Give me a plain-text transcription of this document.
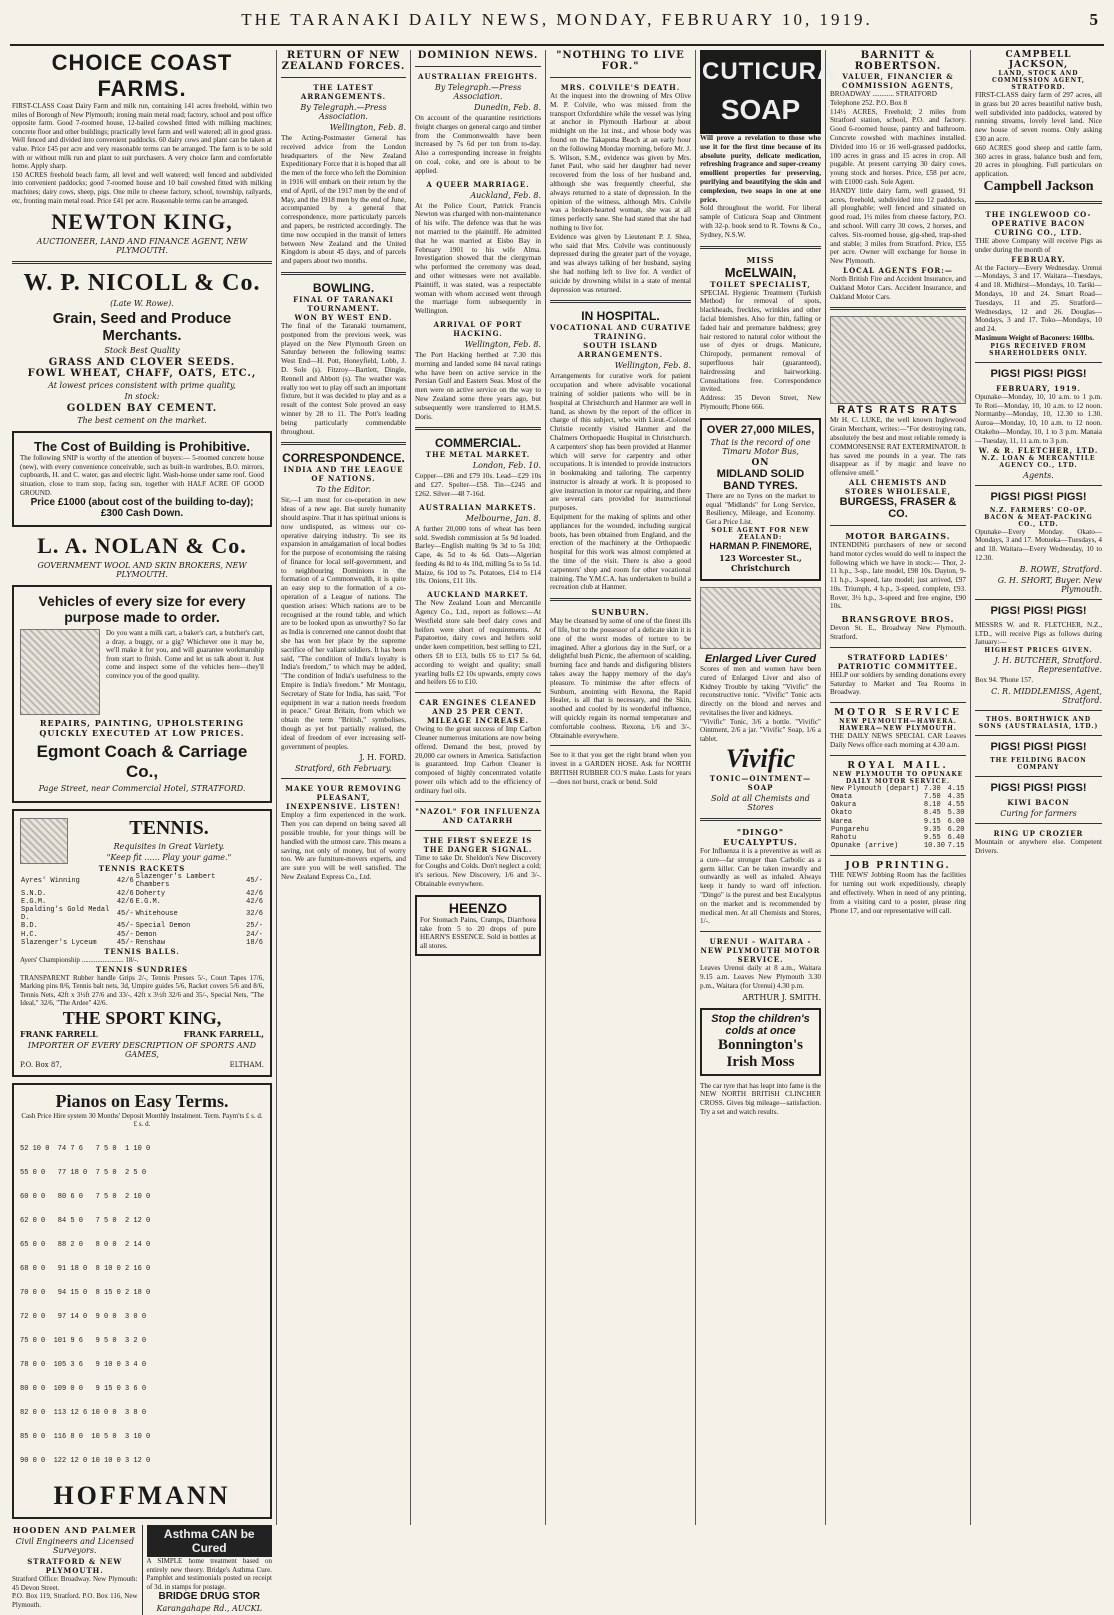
THE TARANAKI DAILY NEWS, MONDAY, FEBRUARY 10, 1919.	5
CHOICE COAST FARMS.
FIRST-CLASS Coast Dairy Farm and milk run, containing 141 acres freehold, within two miles of Borough of New Plymouth; ironing main metal road; factory, school and post office opposite farm. Good 7-roomed house, 12-bailed cowshed fitted with milking machines; concrete floor and other buildings; practically level farm and well watered; all in good grass. Well fenced and divided into convenient paddocks. 60 dairy cows and plant can be taken at value. Price £45 per acre and very reasonable terms can be arranged. The farm is to be sold with or without milk run and plant to suit purchasers. A very choice farm and comfortable home. Apply sharp.
150 ACRES freehold beach farm, all level and well watered; well fenced and subdivided into convenient paddocks; good 7-roomed house and 10 bail cowshed fitted with milking machines; dairy cows, sheep, pigs. One mile to cheese factory, school, township, railyards, etc, fronting main metal road. Price £41 per acre. Reasonable terms can be arranged.
NEWTON KING,
AUCTIONEER, LAND AND FINANCE AGENT, NEW PLYMOUTH.
W. P. NICOLL & Co.
(Late W. Rowe).
Grain, Seed and Produce Merchants.
Stock Best Quality
GRASS AND CLOVER SEEDS.
FOWL WHEAT, CHAFF, OATS, ETC.,
At lowest prices consistent with prime quality,
In stock:
GOLDEN BAY CEMENT.
The best cement on the market.
The Cost of Building is Prohibitive.
The following SNIP is worthy of the attention of buyers:— 5-roomed concrete house (new), with every convenience conceivable, such as built-in wardrobes, B.O. mirrors, cupboards, H. and C. water, gas and electric light. Wash-house under same roof. Good situation, close to tram stop, facing sun, together with HALF ACRE OF GOOD GROUND.
Price £1000 (about cost of the building to-day); £300 Cash Down.
L. A. NOLAN & Co.
GOVERNMENT WOOL AND SKIN BROKERS, NEW PLYMOUTH.
Vehicles of every size for every purpose made to order.
Do you want a milk cart, a baker's cart, a butcher's cart, a dray, a buggy, or a gig? Whichever one it may be, we'll make it for you, and will guarantee workmanship from start to finish. Come and let us talk about it. Just come and inspect some of the vehicles here—they'll convince you of the good quality.
REPAIRS, PAINTING, UPHOLSTERING QUICKLY EXECUTED AT LOW PRICES.
Egmont Coach & Carriage Co.,
Page Street, near Commercial Hotel, STRATFORD.
TENNIS.
Requisites in Great Variety.
"Keep fit ...... Play your game."
TENNIS RACKETS
Ayres' Winning	42/6	Slazenger's Lambert Chambers	45/-
S.N.D.	42/6	Doherty	42/6
E.G.M.	42/6	E.G.M.	42/6
Spalding's Gold Medal D.	45/-	Whitehouse	32/6
B.D.	45/-	Special Demon	25/-
H.C.	45/-	Demon	24/-
Slazenger's Lyceum	45/-	Renshaw	18/6
TENNIS BALLS.
Ayers' Championship ........................ 18/-.
TENNIS SUNDRIES
TRANSPARENT Rubber handle Grips 2/-, Tennis Presses 5/-, Court Tapes 17/6, Marking pins 8/6, Tennis balt nets, 3d, Umpire guides 5/6, Racket covers 5/6 and 8/6, Tennis Nets, 42ft x 3½ft 27/6 and 33/-, 42ft x 3½ft 32/6 and 35/-, Special Nets, "The Ideal," 32/6, "The Ardee" 42/6.
THE SPORT KING,
FRANK FARRELL	FRANK FARRELL,
IMPORTER OF EVERY DESCRIPTION OF SPORTS AND GAMES,
P.O. Box 87,	ELTHAM.
Pianos on Easy Terms.
Cash Price Hire system 30 Months' Deposit Monthly Instalment. Term. Paym'ts £ s. d. £ s. d.

52 10 0  74 7 6   7 5 0  1 10 0

55 0 0   77 18 0  7 5 0  2 5 0

60 0 0   80 6 0   7 5 0  2 10 0

62 0 0   84 5 0   7 5 0  2 12 0

65 0 0   88 2 0   8 0 0  2 14 0

68 0 0   91 18 0  8 10 0 2 16 0

70 0 0   94 15 0  8 15 0 2 18 0

72 0 0   97 14 0  9 0 0  3 0 0

75 0 0  101 9 6   9 5 0  3 2 0

78 0 0  105 3 6   9 10 0 3 4 0

80 0 0  109 0 0   9 15 0 3 6 0

82 0 0  113 12 6 10 0 0  3 8 0

85 0 0  116 8 0  10 5 0  3 10 0

90 0 0  122 12 0 10 10 0 3 12 0

HOFFMANN
HOODEN AND PALMER
Civil Engineers and Licensed Surveyors.
STRATFORD & NEW PLYMOUTH.
Stratford Office: Broadway. New Plymouth: 45 Devon Street.
P.O. Box 119, Stratford. P.O. Box 116, New Plymouth.
Asthma CAN be Cured
A SIMPLE home treatment based on entirely new theory. Bridge's Asthma Cure. Pamphlet and testimonials posted on receipt of 3d. in stamps for postage.
BRIDGE DRUG STOR
Karangahape Rd., AUCKL
RETURN OF NEW ZEALAND FORCES.
THE LATEST ARRANGEMENTS.
By Telegraph.—Press Association.
Wellington, Feb. 8.
The Acting-Postmaster General has received advice from the London headquarters of the New Zealand Expeditionary Force that it is hoped that all the men of the force who left the Dominion in 1916 will embark on their return by the end of April, of the 1917 men by the end of May, and the 1918 men by the end of June, accompanied by a general that correspondence, more particularly parcels and papers, be restricted accordingly. The time now occupied in the transit of letters between New Zealand and the United Kingdom is about 45 days, and of parcels and papers about two months.
BOWLING.
FINAL OF TARANAKI TOURNAMENT.
WON BY WEST END.
The final of the Taranaki tournament, postponed from the previous week, was played on the New Plymouth Green on Saturday between the following teams: West End—H. Pott, Honeyfield, Lobb, J. D. Sole (s). Fitzroy—Bartlett, Dingle, Rennell and Abbott (s). The weather was really too wet to play off such an important fixture, but it was decided to play and as a result of the contest Sole proved an easy winner by 28 to 11. The Pott's leading being particularly commendable throughout.
CORRESPONDENCE.
INDIA AND THE LEAGUE OF NATIONS.
To the Editor.
Sir,—I am most for co-operation in new ideas of a new age. But surely humanity should aspire. That it has spiritual unions is now undisputed, as witness our co-operative dairying industry. To see its expansion in amalgamation of local bodies for the purpose of economising the raising of finance for local self-government, and to neighbouring Dominions in the formation of a Commonwealth, it is quite an easy step to the formation of a co-operation of a League of nations. The question arises: Which nations are to be recognised at the round table, and which are to be looked upon as unworthy? So far as India is concerned one cannot doubt that she has won her place by the supreme sacrifice of her valiant soldiers. It has been said, "The condition of India's loyalty is India's freedom," to which may be added, "The condition of India's usefulness to the Empire is India's freedom." Mr Montagu, Secretary of State for India, has said, "For equipment in war a nation needs freedom in peace." Great Britain, from which we obtain the term "British," symbolises, though as yet but partially realised, the ideal of freedom of ever increasing self-government of peoples.
J. H. FORD.
Stratford, 6th February.
MAKE YOUR REMOVING PLEASANT, INEXPENSIVE. LISTEN!
Employ a firm experienced in the work. Then you can depend on being saved all possible trouble, for your things will be handled with the utmost care. This means a saving, not only of money, but of worry too. We are furniture-movers experts, and are sure you will be well satisfied. The New Zealand Express Co., Ltd.
DOMINION NEWS.
AUSTRALIAN FREIGHTS.
By Telegraph.—Press Association.
Dunedin, Feb. 8.
On account of the quarantine restrictions freight charges on general cargo and timber from the Commonwealth have been increased by 7s 6d per ton from to-day. Also a corresponding increase in freights on coal, coke, and ore is about to be applied.
A QUEER MARRIAGE.
Auckland, Feb. 8.
At the Police Court, Patrick Francis Newton was charged with non-maintenance of his wife. The defence was that he was not married to the plaintiff. He admitted that he was married at Eisbo Bay in February 1901 to his wife Alma. Investigation showed that the clergyman who performed the ceremony was dead, and other witnesses were not available. Plaintiff, it was stated, was a respectable woman with whom accused went through the marriage form subsequently in Wellington.
ARRIVAL OF PORT HACKING.
Wellington, Feb. 8.
The Port Hacking berthed at 7.30 this morning and landed some 84 naval ratings who have been on active service in the Persian Gulf and Eastern Seas. Most of the men were on active service on the way to New Zealand some three years ago, but subsequently were transferred to H.M.S. Doris.
COMMERCIAL.
THE METAL MARKET.
London, Feb. 10.
Copper—£86 and £79 10s. Lead—£29 10s and £27. Spelter—£58. Tin—£245 and £262. Silver—48 7-16d.
AUSTRALIAN MARKETS.
Melbourne, Jan. 8.
A further 20,000 tons of wheat has been sold. Swedish commission at 5s 9d loaded. Barley—English malting 9s 3d to 5s 10d; Cape, 4s 5d to 4s 6d. Oats—Algerian feeding 4s 8d to 4s 10d, milling 5s to 5s 1d. Maize, 6s 10d to 7s. Potatoes, £14 to £14 10s. Onions, £11 10s.
AUCKLAND MARKET.
The New Zealand Loan and Mercantile Agency Co., Ltd., report as follows:—At Westfield store sale beef dairy cows and heifers were short of requirements. At Papatoetoe, dairy cows and heifers sold under keen competition, best selling to £21, others £8 to £13, bulls £6 to £17 5s 6d, according to weight and quality; small yearling bulls £2 10s upwards, empty cows and heifers £6 to £10.
CAR ENGINES CLEANED AND 25 PER CENT. MILEAGE INCREASE.
Owing to the great success of Imp Carbon Cleaner numerous imitations are now being offered. Demand the best, proved by 20,000 car owners in America. Satisfaction is guaranteed. Imp Carbon Cleaner is composed of highly concentrated volatile power oils which add to the efficiency of ordinary fuel oils.
"NAZOL" FOR INFLUENZA AND CATARRH
THE FIRST SNEEZE IS THE DANGER SIGNAL.
Time to take Dr. Sheldon's New Discovery for Coughs and Colds. Don't neglect a cold; it's serious. New Discovery, 1/6 and 3/-. Obtainable everywhere.
HEENZO
For Stomach Pains, Cramps, Diarrhoea take from 5 to 20 drops of pure HEARN'S ESSENCE. Sold in bottles at all stores.
"NOTHING TO LIVE FOR."
MRS. COLVILE'S DEATH.
At the inquest into the drowning of Mrs Olive M. P. Colvile, who was missed from the transport Oxfordshire while the vessel was lying at anchor in Plymouth Harbour at about midnight on the 1st inst., and whose body was found on the Takapuna Beach at an early hour on the following Monday morning, before Mr. J. S. Wilson, S.M., evidence was given by Mrs. Janet Paul, who said her daughter had never recovered from the loss of her husband and, although she was frequently cheerful, she always returned to a state of depression. In the opinion of the witness, although Mrs. Colvile was a broken-hearted woman, she was at all times perfectly sane. She had stated that she had nothing to live for.
Evidence was given by Lieutenant P. J. Shea, who said that Mrs. Colvile was continuously depressed during the greater part of the voyage, and was always talking of her husband, saying she had nothing left to live for. A verdict of suicide by drowning whilst in a state of mental depression was returned.
IN HOSPITAL.
VOCATIONAL AND CURATIVE TRAINING.
SOUTH ISLAND ARRANGEMENTS.
Wellington, Feb. 8.
Arrangements for curative work for patient occupation and where advisable vocational training of soldier patients who will be in hospital at Christchurch and Hanmer are well in hand, as shown by the report of the officer in charge of this subject, who with Lieut.-Colonel Christie recently visited Hanmer and the Chalmers Orthopaedic Hospital in Christchurch. A carpenters' shop has been provided at Hanmer which will serve for carpentry and other occupations. It is intended to provide instructors in bookmaking and tailoring. The carpentry instructor is already at work. It is proposed to give instruction in motor car repairing, and there are several cars provided for instructional purposes.
Equipment for the making of splints and other appliances for the wounded, including surgical boots, has been obtained from England, and the erection of the machinery at the Orthopaedic hospital for this work was almost completed at the time of the visit. There is also a good carpenters' shop and room for other vocational training. The Y.M.C.A. has undertaken to build a recreation club at Hanmer.
SUNBURN.
May be cleansed by some of one of the finest ills of life, but to the possessor of a delicate skin it is one of the worst modes of torture to be imagined. After a glorious day in the Surf, or a delightful bush Picnic, the afternoon of scalding, burning face and hands and disfiguring blisters takes away the happy memory of the day's pleasure. To minimise the after effects of Sunburn, anointing with Rexona, the Rapid Healer, is all that is necessary, and the Skin, soothed and cooled by its wonderful influence, will quickly regain its normal temperature and comfortable coolness. Rexona, 1/6 and 3/-. Obtainable everywhere.
See to it that you get the right brand when you invest in a GARDEN HOSE. Ask for NORTH BRITISH RUBBER CO.'S make. Lasts for years—does not burst, crack or bend. Sold
CUTICURA
SOAP
Will prove a revelation to those who use it for the first time because of its absolute purity, delicate medication, refreshing fragrance and super-creamy emollient properties for preserving, purifying and beautifying the skin and complexion, two soaps in one at one price.
Sold throughout the world. For liberal sample of Cuticura Soap and Ointment with 32-p. book send to R. Towns & Co., Sydney, N.S.W.
MISS
McELWAIN,
TOILET SPECIALIST,
SPECIAL Hygienic Treatment (Turkish Method) for removal of spots, blackheads, freckles, wrinkles and other facial blemishes. Also for thin, falling or faded hair and premature baldness; grey hair restored to natural color without the use of dyes or drugs. Manicure, Chiropody, permanent removal of superfluous hair (guaranteed), hairdressing and hairworking. Consultations free. Correspondence invited.
Address: 35 Devon Street, New Plymouth; Phone 666.
OVER 27,000 MILES,
That is the record of one Timaru Motor Bus,
ON
MIDLAND SOLID BAND TYRES.
There are no Tyres on the market to equal "Midlands" for Long Service, Resiliency, Mileage, and Economy. Get a Price List.
SOLE AGENT FOR NEW ZEALAND:
HARMAN P. FINEMORE,
123 Worcester St., Christchurch
Enlarged Liver Cured
Scores of men and women have been cured of Enlarged Liver and also of Kidney Trouble by taking "Vivific" the reconstructive tonic. "Vivific" Tonic acts directly on the blood and nerves and revitalises the liver and kidneys.
"Vivific" Tonic, 3/6 a bottle. "Vivific" Ointment, 2/6 a jar. "Vivific" Soap, 1/6 a tablet.
Vivific
TONIC—OINTMENT—SOAP
Sold at all Chemists and Stores
"DINGO" EUCALYPTUS.
For Influenza it is a preventive as well as a cure—far stronger than Carbolic as a germ killer. Can be taken inwardly and outwardly as well as inhaled. Always keep it handy to ward off infection. "Dingo" is the purest and best Eucalyptus on the market and is recommended by medical men. At all Chemists and Stores, 1/-.
URENUI - WAITARA - NEW PLYMOUTH MOTOR SERVICE.
Leaves Urenui daily at 8 a.m., Waitara 9.15 a.m. Leaves New Plymouth 3.30 p.m., Waitara (for Urenui) 4.30 p.m.
ARTHUR J. SMITH.
Stop the children's colds at once
Bonnington's Irish Moss
The car tyre that has leapt into fame is the NEW NORTH BRITISH CLINCHER CROSS. Gives big mileage—satisfaction. Try a set and watch results.
BARNITT & ROBERTSON.
VALUER, FINANCIER & COMMISSION AGENTS,
BROADWAY ............ STRATFORD
Telephone 252. P.O. Box 8
114½ ACRES, Freehold; 2 miles from Stratford station, school, P.O. and factory. Good 6-roomed house, pantry and bathroom. Concrete cowshed with machines installed. Divided into 16 or 16 well-grassed paddocks, 100 acres in grass and 15 acres in crop. All pugable. At present carrying 30 dairy cows, young stock and horses. Price, £58 per acre, with £1000 cash. Sole Agent.
HANDY little dairy farm, well grassed, 91 acres, freehold, subdivided into 12 paddocks, all ploughable; well fenced and situated on good road, 1½ miles from cheese factory, P.O. and school. Will carry 30 cows, 2 horses, and calves. Six-roomed house, gig-shed, trap-shed and stable; 3 miles from Stratford. Price, £55 per acre. Owner will exchange for house in New Plymouth.
LOCAL AGENTS FOR:—
North British Fire and Accident Insurance, and Oakland Motor Cars. Accident Insurance, and Oakland Motor Cars.
RATS RATS RATS
Mr H. C. LUKE, the well known Inglewood Grain Merchant, writes:—"For destroying rats, absolutely the best and most reliable remedy is COMMONSENSE RAT EXTERMINATOR. It has saved me pounds in a year. The rats disappear as if by magic and leave no offensive smell."
ALL CHEMISTS AND STORES WHOLESALE,
BURGESS, FRASER & CO.
MOTOR BARGAINS.
INTENDING purchasers of new or second hand motor cycles would do well to inspect the following which we have in stock:— Thor, 2-11 h.p., 3-sp., late model, £98 10s. Dayton, 9-11 h.p., 3-speed, late model; just arrived, £97 10s. Triumph, 4 h.p., 3-speed, complete, £93. Rover, 3½ h.p., 3-speed and free engine, £90 10s.
BRANSGROVE BROS.
Devon St. E., Broadway New Plymouth. Stratford.
STRATFORD LADIES' PATRIOTIC COMMITTEE.
HELP our soldiers by sending donations every Saturday to Market and Tea Rooms in Broadway.
MOTOR SERVICE
NEW PLYMOUTH—HAWERA. HAWERA—NEW PLYMOUTH.
THE DAILY NEWS SPECIAL CAR Leaves Daily News office each morning at 4.30 a.m.
ROYAL MAIL.
NEW PLYMOUTH TO OPUNAKE DAILY MOTOR SERVICE.
New Plymouth (depart)	7.30	4.15
Omata	7.50	4.35
Oakura	8.10	4.55
Okato	8.45	5.30
Warea	9.15	6.00
Pungarehu	9.35	6.20
Rahotu	9.55	6.40
Opunake (arrive)	10.30	7.15
JOB PRINTING.
THE NEWS' Jobbing Room has the facilities for turning out work expeditiously, cheaply and effectively. When in need of any printing, from a visiting card to a poster, please ring Phone 17, and our representative will call.
CAMPBELL JACKSON,
LAND, STOCK AND COMMISSION AGENT, STRATFORD.
FIRST-CLASS dairy farm of 297 acres, all in grass but 20 acres beautiful native bush, well subdivided into paddocks, watered by running streams, lovely level land. Nice new house of seven rooms. Only asking £30 an acre.
660 ACRES good sheep and cattle farm, 360 acres in grass, balance bush and fern, 20 acres in ploughing. Full particulars on application.
Campbell Jackson
THE INGLEWOOD CO-OPERATIVE BACON CURING CO., LTD.
THE above Company will receive Pigs as under during the month of
FEBRUARY.
At the Factory—Every Wednesday. Urenui—Mondays, 3 and 17. Waitara—Tuesdays, 4 and 18. Midhirst—Mondays, 10. Tariki—Mondays, 10 and 24. Smart Road—Tuesdays, 11 and 25. Stratford—Wednesdays, 12 and 26. Douglas—Mondays, 3 and 17. Toko—Mondays, 10 and 24.
Maximum Weight of Baconers: 160lbs.
PIGS RECEIVED FROM SHAREHOLDERS ONLY.
PIGS! PIGS! PIGS!
FEBRUARY, 1919.
Opunake—Monday, 10, 10 a.m. to 1 p.m. Te Roti—Monday, 10, 10 a.m. to 12 noon. Normanby—Monday, 10, 12.30 to 1.30. Auroa—Monday, 10, 10 a.m. to 12 noon. Otakeho—Monday, 10, 1 to 3 p.m. Manaia—Tuesday, 11, 11 a.m. to 3 p.m.
W. & R. FLETCHER, LTD.
N.Z. LOAN & MERCANTILE AGENCY CO., LTD.
Agents.
PIGS! PIGS! PIGS!
N.Z. FARMERS' CO-OP. BACON & MEAT-PACKING CO., LTD.
Opunake—Every Monday. Okato—Mondays, 3 and 17. Motueka—Tuesdays, 4 and 18. Waitara—Every Wednesday, 10 to 12.30.
B. ROWE, Stratford.
G. H. SHORT, Buyer. New Plymouth.
PIGS! PIGS! PIGS!
MESSRS W. and R. FLETCHER, N.Z., LTD., will receive Pigs as follows during January:—
HIGHEST PRICES GIVEN.
J. H. BUTCHER, Stratford. Representative.
Box 94. 'Phone 157.
C. R. MIDDLEMISS, Agent, Stratford.
THOS. BORTHWICK AND SONS (AUSTRALASIA, LTD.)
PIGS! PIGS! PIGS!
THE FEILDING BACON COMPANY
PIGS! PIGS! PIGS!
KIWI BACON
Curing for farmers
RING UP CROZIER
Mountain or anywhere else. Competent Drivers.
